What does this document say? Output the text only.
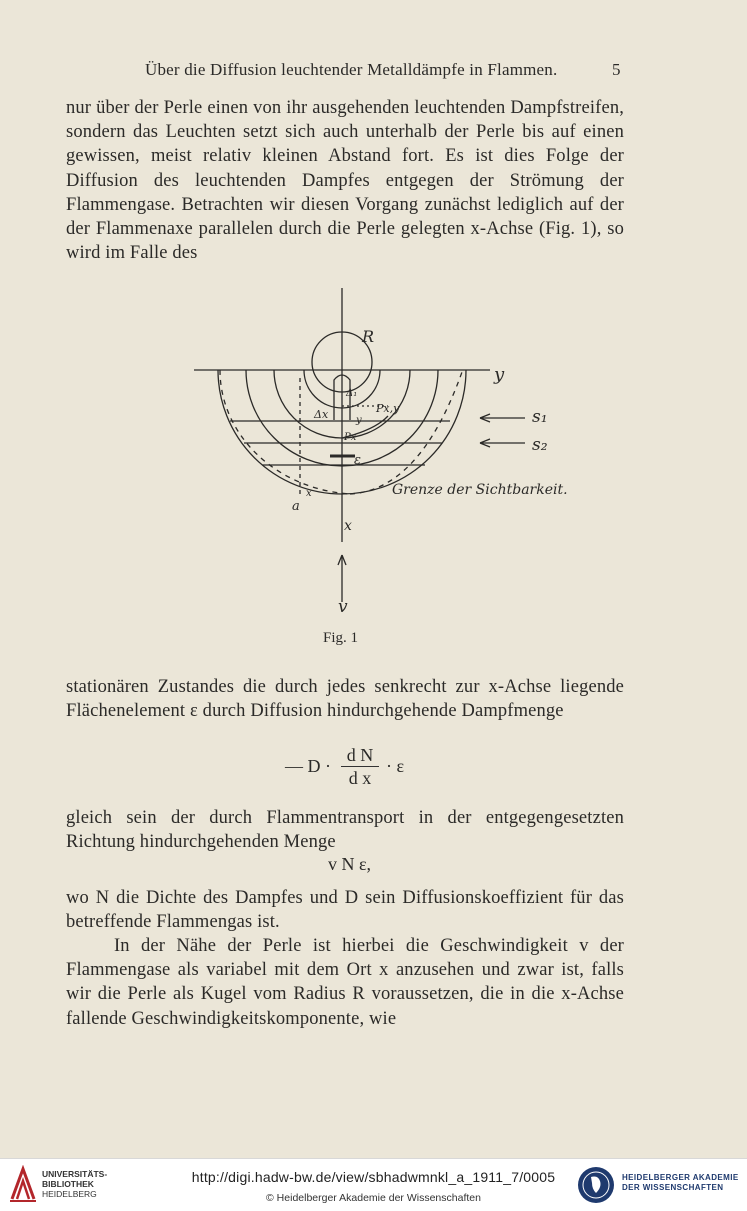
Über die Diffusion leuchtender Metalldämpfe in Flammen.	5
nur über der Perle einen von ihr ausgehenden leuchtenden Dampfstreifen, sondern das Leuchten setzt sich auch unterhalb der Perle bis auf einen gewissen, meist relativ kleinen Abstand fort. Es ist dies Folge der Diffusion des leuchtenden Dampfes entgegen der Strömung der Flammengase. Betrachten wir diesen Vorgang zunächst lediglich auf der der Flammenaxe parallelen durch die Perle gelegten x-Achse (Fig. 1), so wird im Falle des
R
y
s₁
s₂
x
v
a
ε
Δx
Δ₁
y
Px,y
Px
x	Grenze der Sichtbarkeit.
Fig. 1
stationären Zustandes die durch jedes senkrecht zur x-Achse liegende Flächenelement ε durch Diffusion hindurchgehende Dampfmenge
— D ·
d N
d x
· ε
gleich sein der durch Flammentransport in der entgegengesetzten Richtung hindurchgehenden Menge
v N ε,
wo N die Dichte des Dampfes und D sein Diffusionskoeffizient für das betreffende Flammengas ist.
In der Nähe der Perle ist hierbei die Geschwindigkeit v der Flammengase als variabel mit dem Ort x anzusehen und zwar ist, falls wir die Perle als Kugel vom Radius R voraussetzen, die in die x-Achse fallende Geschwindigkeitskomponente, wie
UNIVERSITÄTS-
BIBLIOTHEK
HEIDELBERG
http://digi.hadw-bw.de/view/sbhadwmnkl_a_1911_7/0005
© Heidelberger Akademie der Wissenschaften
HEIDELBERGER AKADEMIE
DER WISSENSCHAFTEN
